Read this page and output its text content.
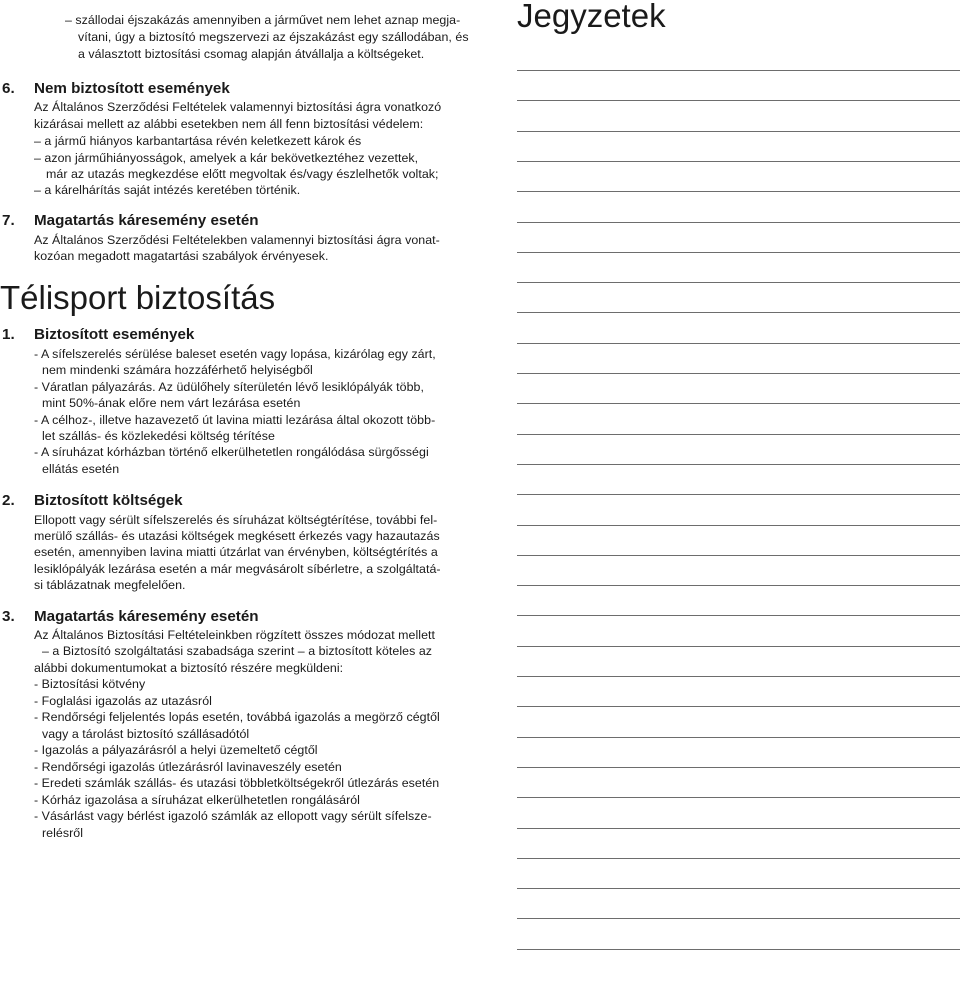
– szállodai éjszakázás amennyiben a járművet nem lehet aznap megja-
vítani, úgy a biztosító megszervezi az éjszakázást egy szállodában, és
a választott biztosítási csomag alapján átvállalja a költségeket.
6. Nem biztosított események
Az Általános Szerződési Feltételek valamennyi biztosítási ágra vonatkozó
kizárásai mellett az alábbi esetekben nem áll fenn biztosítási védelem:
– a jármű hiányos karbantartása révén keletkezett károk és
– azon járműhiányosságok, amelyek a kár bekövetkeztéhez vezettek,
már az utazás megkezdése előtt megvoltak és/vagy észlelhetők voltak;
– a kárelhárítás saját intézés keretében történik.
7. Magatartás káresemény esetén
Az Általános Szerződési Feltételekben valamennyi biztosítási ágra vonat-
kozóan megadott magatartási szabályok érvényesek.
Télisport biztosítás
1. Biztosított események
- A sífelszerelés sérülése baleset esetén vagy lopása, kizárólag egy zárt,
nem mindenki számára hozzáférhető helyiségből
- Váratlan pályazárás. Az üdülőhely síterületén lévő lesiklópályák több,
mint 50%-ának előre nem várt lezárása esetén
- A célhoz-, illetve hazavezető út lavina miatti lezárása által okozott több-
let szállás- és közlekedési költség térítése
- A síruházat kórházban történő elkerülhetetlen rongálódása sürgősségi
ellátás esetén
2. Biztosított költségek
Ellopott vagy sérült sífelszerelés és síruházat költségtérítése, további fel-
merülő szállás- és utazási költségek megkésett érkezés vagy hazautazás
esetén, amennyiben lavina miatti útzárlat van érvényben, költségtérítés a
lesiklópályák lezárása esetén a már megvásárolt síbérletre, a szolgáltatá-
si táblázatnak megfelelően.
3. Magatartás káresemény esetén
Az Általános Biztosítási Feltételeinkben rögzített összes módozat mellett
– a Biztosító szolgáltatási szabadsága szerint – a biztosított köteles az
alábbi dokumentumokat a biztosító részére megküldeni:
- Biztosítási kötvény
- Foglalási igazolás az utazásról
- Rendőrségi feljelentés lopás esetén, továbbá igazolás a megörző cégtől
vagy a tárolást biztosító szállásadótól
- Igazolás a pályazárásról a helyi üzemeltető cégtől
- Rendőrségi igazolás útlezárásról lavinaveszély esetén
- Eredeti számlák szállás- és utazási többletköltségekről útlezárás esetén
- Kórház igazolása a síruházat elkerülhetetlen rongálásáról
- Vásárlást vagy bérlést igazoló számlák az ellopott vagy sérült sífelsze-
relésről
Jegyzetek
